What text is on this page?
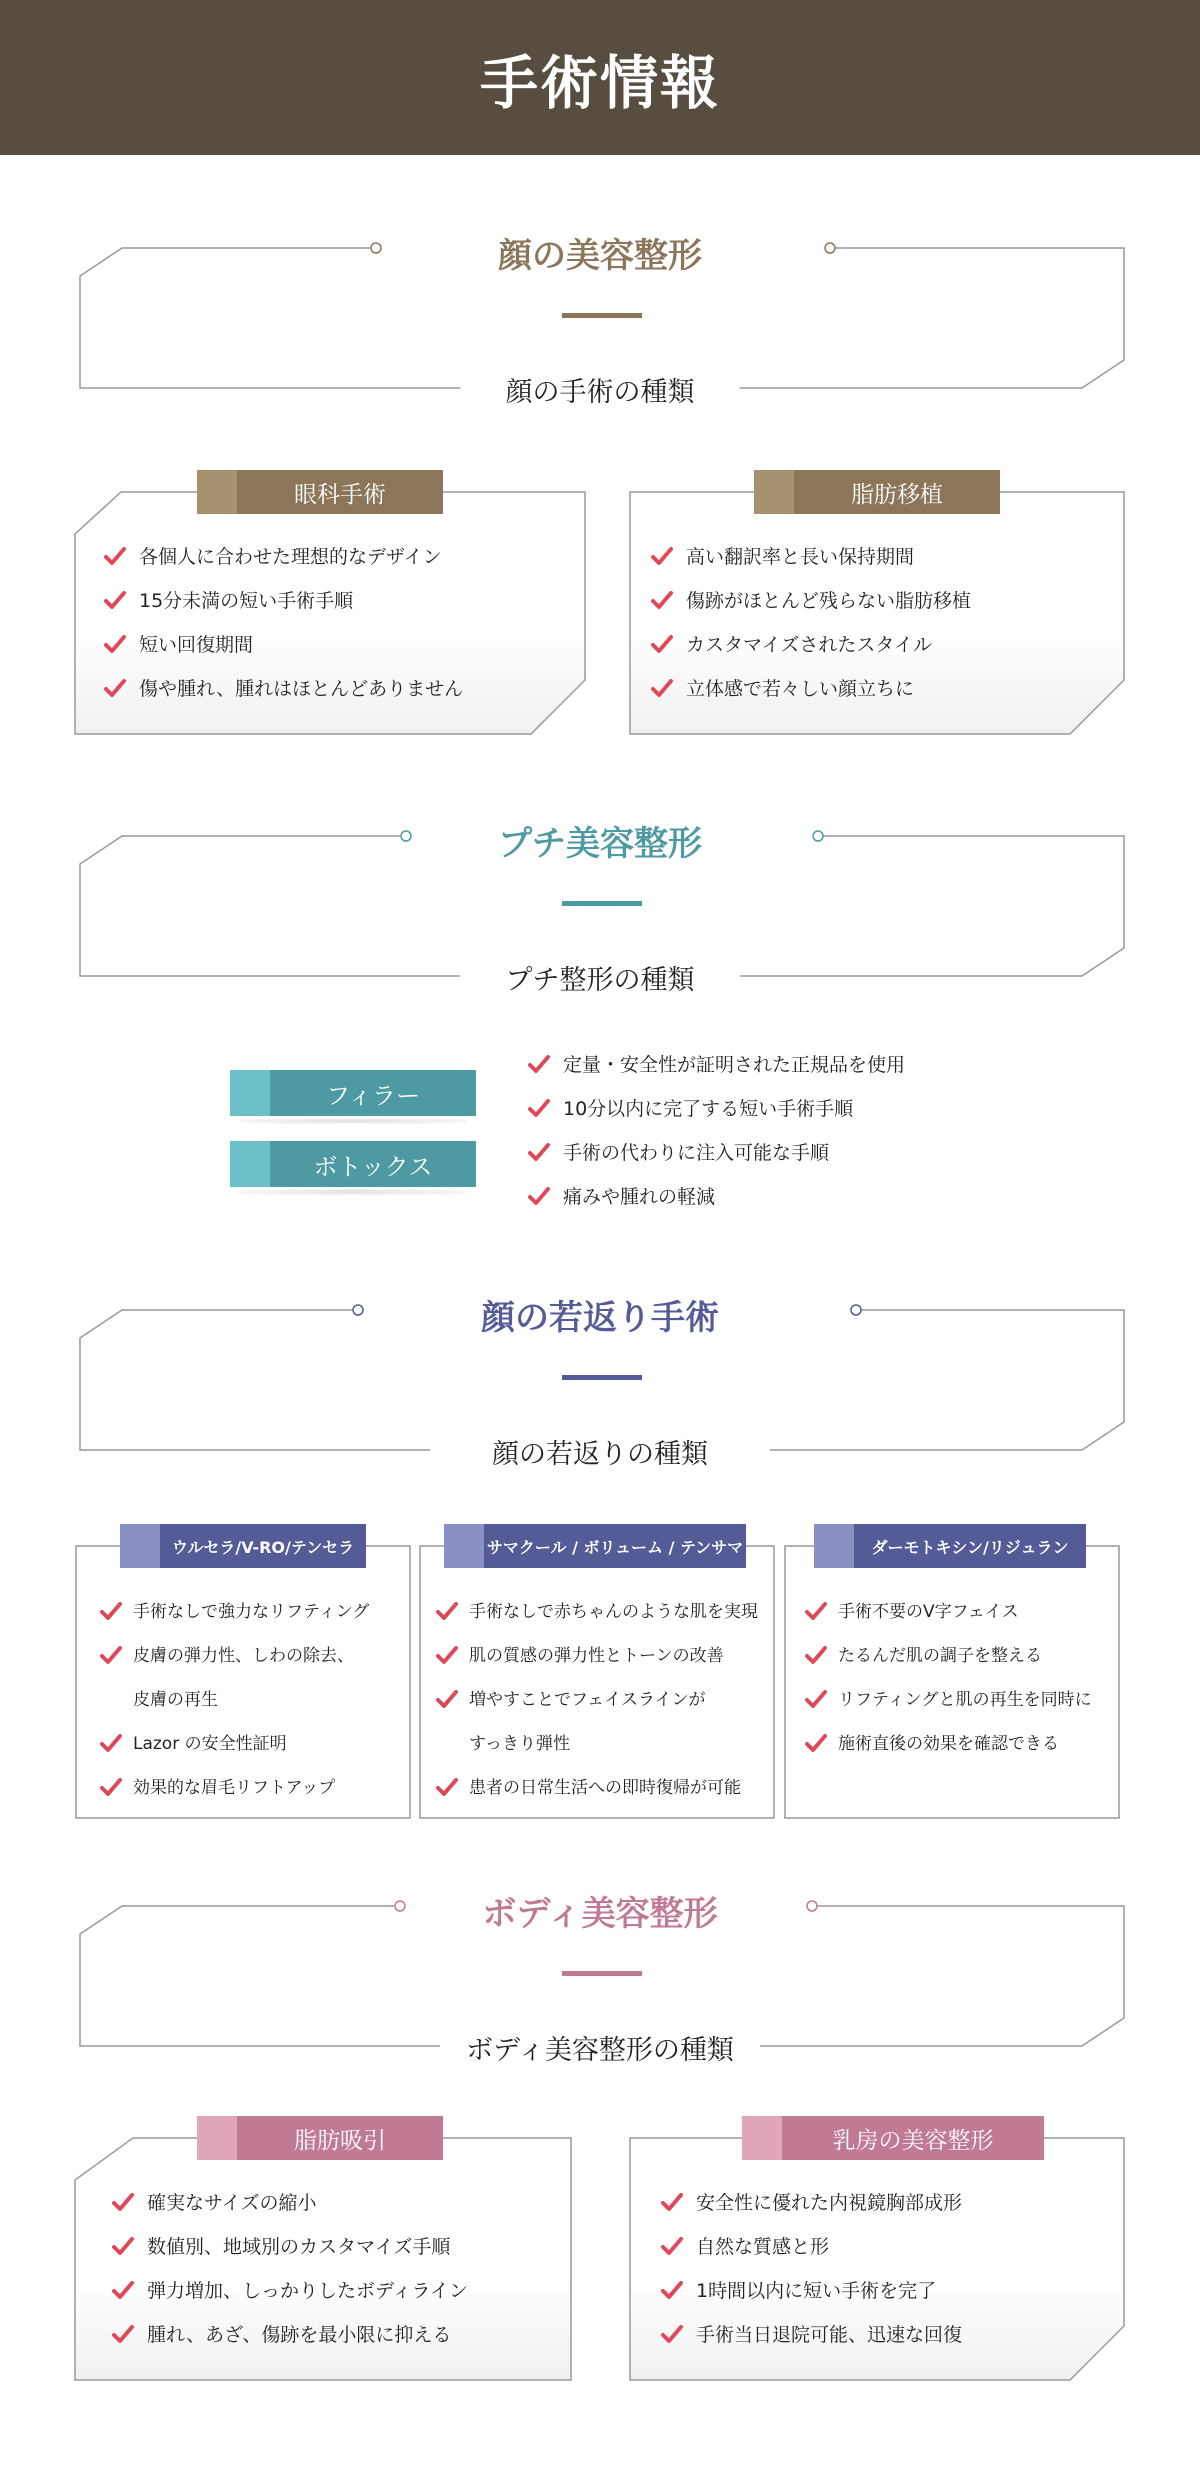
手術情報
顔の美容整形
顔の手術の種類
眼科手術
各個人に合わせた理想的なデザイン
15分未満の短い手術手順
短い回復期間
傷や腫れ、腫れはほとんどありません
脂肪移植
高い翻訳率と長い保持期間
傷跡がほとんど残らない脂肪移植
カスタマイズされたスタイル
立体感で若々しい顔立ちに
プチ美容整形
プチ整形の種類
フィラー
ボトックス
定量・安全性が証明された正規品を使用
10分以内に完了する短い手術手順
手術の代わりに注入可能な手順
痛みや腫れの軽減
顔の若返り手術
顔の若返りの種類
ウルセラ/V-RO/テンセラ
手術なしで強力なリフティング
皮膚の弾力性、しわの除去、
皮膚の再生
Lazor の安全性証明
効果的な眉毛リフトアップ
サマクール / ボリューム / テンサマ
手術なしで赤ちゃんのような肌を実現
肌の質感の弾力性とトーンの改善
増やすことでフェイスラインが
すっきり弾性
患者の日常生活への即時復帰が可能
ダーモトキシン/リジュラン
手術不要のV字フェイス
たるんだ肌の調子を整える
リフティングと肌の再生を同時に
施術直後の効果を確認できる
ボディ美容整形
ボディ美容整形の種類
脂肪吸引
確実なサイズの縮小
数値別、地域別のカスタマイズ手順
弾力増加、しっかりしたボディライン
腫れ、あざ、傷跡を最小限に抑える
乳房の美容整形
安全性に優れた内視鏡胸部成形
自然な質感と形
1時間以内に短い手術を完了
手術当日退院可能、迅速な回復
